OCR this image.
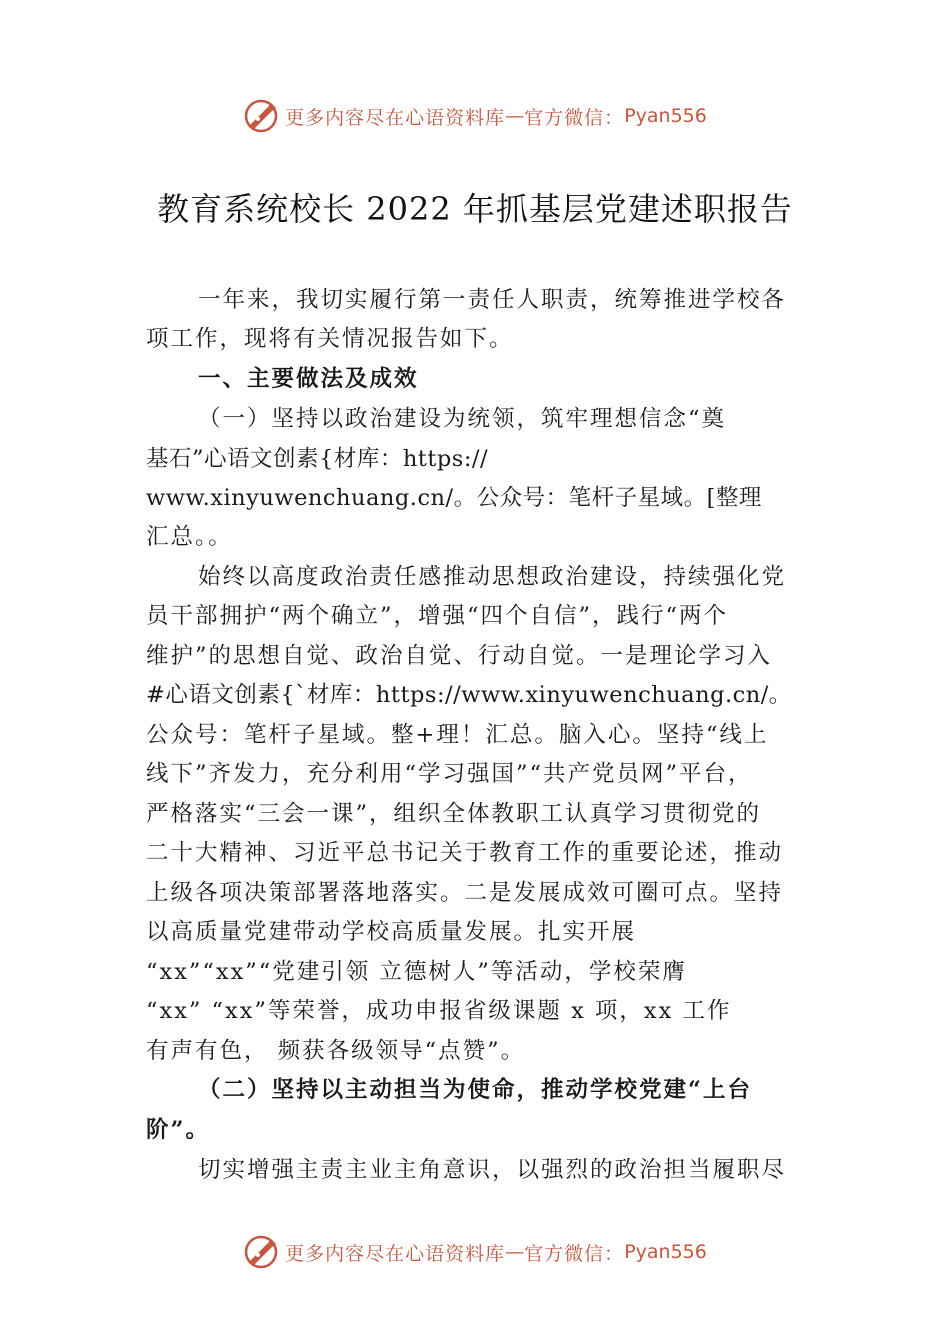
更多内容尽在心语资料库 — 官方微信： Pyan556
教育系统校长 2022 年抓基层党建述职报告
一年来，我切实履行第一责任人职责，统筹推进学校各
项工作，现将有关情况报告如下。
一、主要做法及成效
（一）坚持以政治建设为统领，筑牢理想信念“奠
基石”心语文创素{材库：https://
www.xinyuwenchuang.cn/。公众号：笔杆子星域。[整理
汇总。。
始终以高度政治责任感推动思想政治建设，持续强化党
员干部拥护“两个确立”，增强“四个自信”，践行“两个
维护”的思想自觉、政治自觉、行动自觉。一是理论学习入
#心语文创素{`材库：https://www.xinyuwenchuang.cn/。
公众号：笔杆子星域。整+理！汇总。脑入心。坚持“线上
线下”齐发力，充分利用“学习强国”“共产党员网”平台，
严格落实“三会一课”，组织全体教职工认真学习贯彻党的
二十大精神、习近平总书记关于教育工作的重要论述，推动
上级各项决策部署落地落实。二是发展成效可圈可点。坚持
以高质量党建带动学校高质量发展。扎实开展
“xx”“xx”“党建引领 立德树人”等活动，学校荣膺
“xx” “xx”等荣誉，成功申报省级课题 x 项，xx 工作
有声有色， 频获各级领导“点赞”。
（二）坚持以主动担当为使命，推动学校党建“上台
阶”。
切实增强主责主业主角意识，以强烈的政治担当履职尽
更多内容尽在心语资料库 — 官方微信： Pyan556
